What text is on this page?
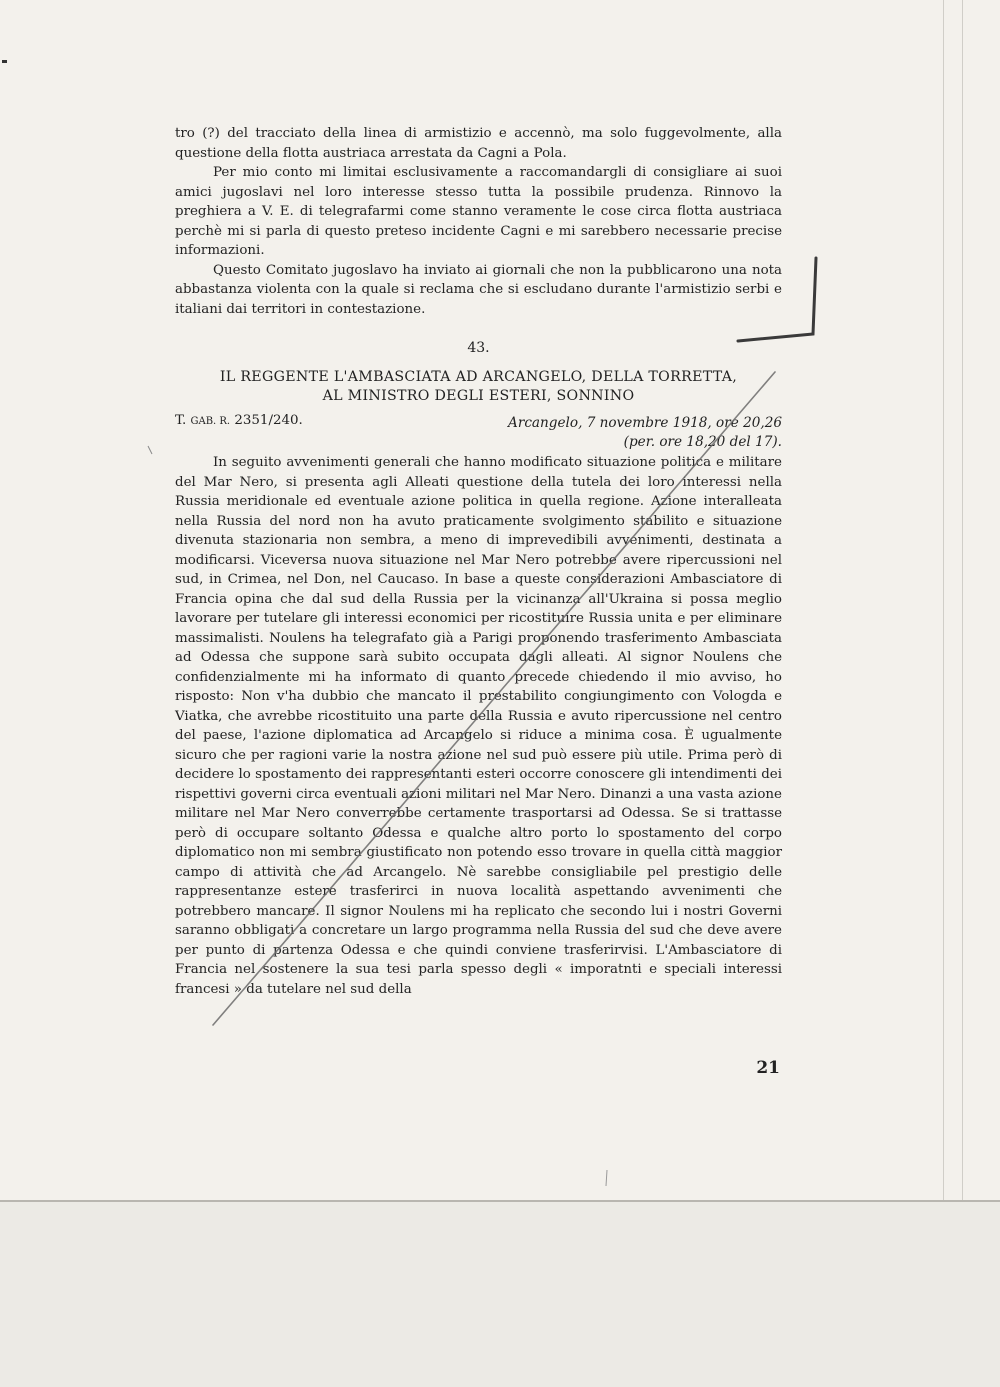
tro (?) del tracciato della linea di armistizio e accennò, ma solo fuggevolmente, alla questione della flotta austriaca arrestata da Cagni a Pola.

Per mio conto mi limitai esclusivamente a raccomandargli di consigliare ai suoi amici jugoslavi nel loro interesse stesso tutta la possibile prudenza. Rinnovo la preghiera a V. E. di telegrafarmi come stanno veramente le cose circa flotta austriaca perchè mi si parla di questo preteso incidente Cagni e mi sarebbero necessarie precise informazioni.

Questo Comitato jugoslavo ha inviato ai giornali che non la pubblicarono una nota abbastanza violenta con la quale si reclama che si escludano durante l'armistizio serbi e italiani dai territori in contestazione.

43.
IL REGGENTE L'AMBASCIATA AD ARCANGELO, DELLA TORRETTA,
AL MINISTRO DEGLI ESTERI, SONNINO
T. GAB. R. 2351/240.	Arcangelo, 7 novembre 1918, ore 20,26
(per. ore 18,20 del 17).

In seguito avvenimenti generali che hanno modificato situazione politica e militare del Mar Nero, si presenta agli Alleati questione della tutela dei loro interessi nella Russia meridionale ed eventuale azione politica in quella regione. Azione interalleata nella Russia del nord non ha avuto praticamente svolgimento stabilito e situazione divenuta stazionaria non sembra, a meno di imprevedibili avvenimenti, destinata a modificarsi. Viceversa nuova situazione nel Mar Nero potrebbe avere ripercussioni nel sud, in Crimea, nel Don, nel Caucaso. In base a queste considerazioni Ambasciatore di Francia opina che dal sud della Russia per la vicinanza all'Ukraina si possa meglio lavorare per tutelare gli interessi economici per ricostituire Russia unita e per eliminare massimalisti. Noulens ha telegrafato già a Parigi proponendo trasferimento Ambasciata ad Odessa che suppone sarà subito occupata dagli alleati. Al signor Noulens che confidenzialmente mi ha informato di quanto precede chiedendo il mio avviso, ho risposto: Non v'ha dubbio che mancato il prestabilito congiungimento con Vologda e Viatka, che avrebbe ricostituito una parte della Russia e avuto ripercussione nel centro del paese, l'azione diplomatica ad Arcangelo si riduce a minima cosa. È ugualmente sicuro che per ragioni varie la nostra azione nel sud può essere più utile. Prima però di decidere lo spostamento dei rappresentanti esteri occorre conoscere gli intendimenti dei rispettivi governi circa eventuali azioni militari nel Mar Nero. Dinanzi a una vasta azione militare nel Mar Nero converrebbe certamente trasportarsi ad Odessa. Se si trattasse però di occupare soltanto Odessa e qualche altro porto lo spostamento del corpo diplomatico non mi sembra giustificato non potendo esso trovare in quella città maggior campo di attività che ad Arcangelo. Nè sarebbe consigliabile pel prestigio delle rappresentanze estere trasferirci in nuova località aspettando avvenimenti che potrebbero mancare. Il signor Noulens mi ha replicato che secondo lui i nostri Governi saranno obbligati a concretare un largo programma nella Russia del sud che deve avere per punto di partenza Odessa e che quindi conviene trasferirvisi. L'Ambasciatore di Francia nel sostenere la sua tesi parla spesso degli « imporatnti e speciali interessi francesi » da tutelare nel sud della

21
